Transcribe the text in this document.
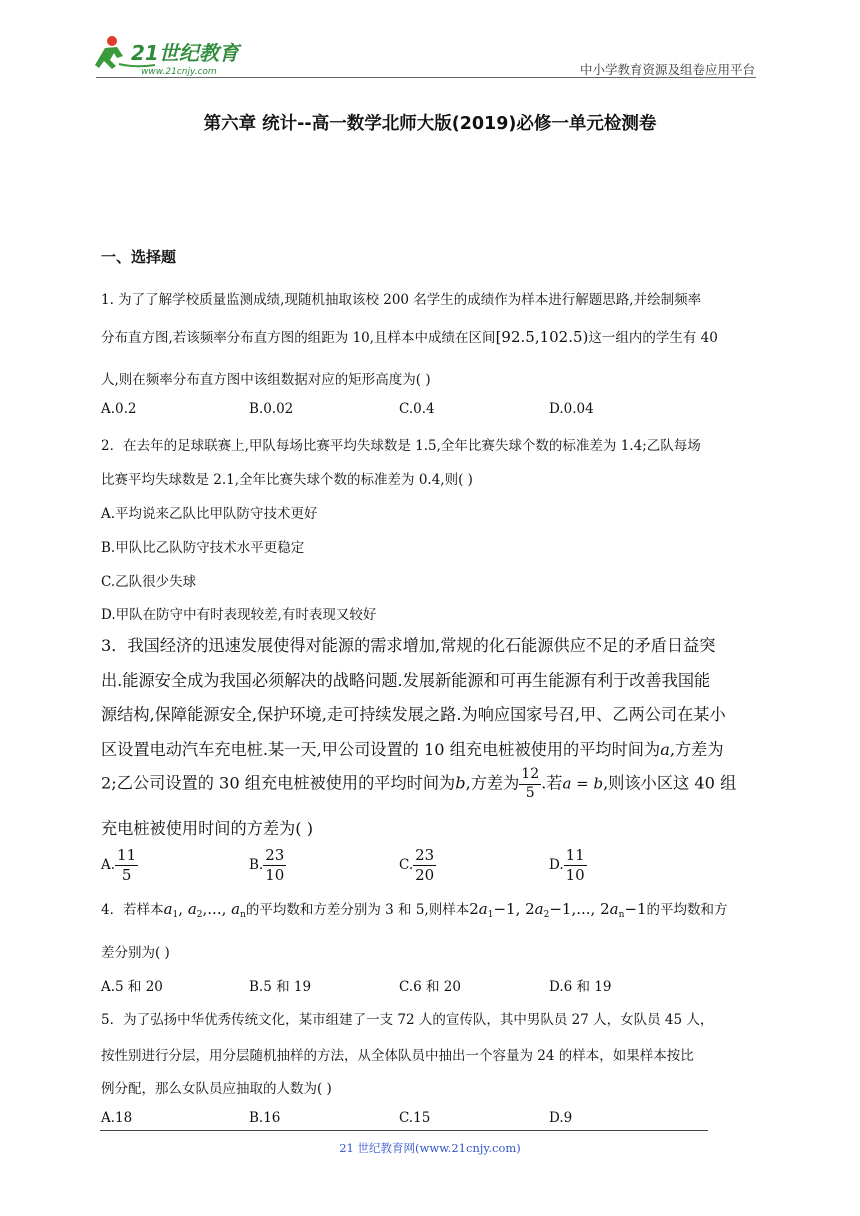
21世纪教育
www.21cnjy.com	中小学教育资源及组卷应用平台
第六章 统计--高一数学北师大版(2019)必修一单元检测卷
一、选择题
1. 为了了解学校质量监测成绩,现随机抽取该校 200 名学生的成绩作为样本进行解题思路,并绘制频率
分布直方图,若该频率分布直方图的组距为 10,且样本中成绩在区间[92.5,102.5)这一组内的学生有 40
人,则在频率分布直方图中该组数据对应的矩形高度为( )
A.0.2	B.0.02	C.0.4	D.0.04
2．在去年的足球联赛上,甲队每场比赛平均失球数是 1.5,全年比赛失球个数的标准差为 1.4;乙队每场
比赛平均失球数是 2.1,全年比赛失球个数的标准差为 0.4,则( )
A.平均说来乙队比甲队防守技术更好
B.甲队比乙队防守技术水平更稳定
C.乙队很少失球
D.甲队在防守中有时表现较差,有时表现又较好
3．我国经济的迅速发展使得对能源的需求增加,常规的化石能源供应不足的矛盾日益突
出.能源安全成为我国必须解决的战略问题.发展新能源和可再生能源有利于改善我国能
源结构,保障能源安全,保护环境,走可持续发展之路.为响应国家号召,甲、乙两公司在某小
区设置电动汽车充电桩.某一天,甲公司设置的 10 组充电桩被使用的平均时间为a,方差为
2;乙公司设置的 30 组充电桩被使用的平均时间为b,方差为 $\frac{12}{5}$ .若a = b,则该小区这 40 组
充电桩被使用时间的方差为( )
A. $\frac{11}{5}$	B. $\frac{23}{10}$	C. $\frac{23}{20}$	D. $\frac{11}{10}$
4．若样本$a_1$, $a_2$,..., $a_n$的平均数和方差分别为 3 和 5,则样本$2a_1-1$, $2a_2-1$,..., $2a_n-1$的平均数和方
差分别为( )
A.5 和 20	B.5 和 19	C.6 和 20	D.6 和 19
5．为了弘扬中华优秀传统文化，某市组建了一支 72 人的宣传队，其中男队员 27 人，女队员 45 人，
按性别进行分层，用分层随机抽样的方法，从全体队员中抽出一个容量为 24 的样本，如果样本按比
例分配，那么女队员应抽取的人数为( )
A.18	B.16	C.15	D.9
21 世纪教育网(www.21cnjy.com)
